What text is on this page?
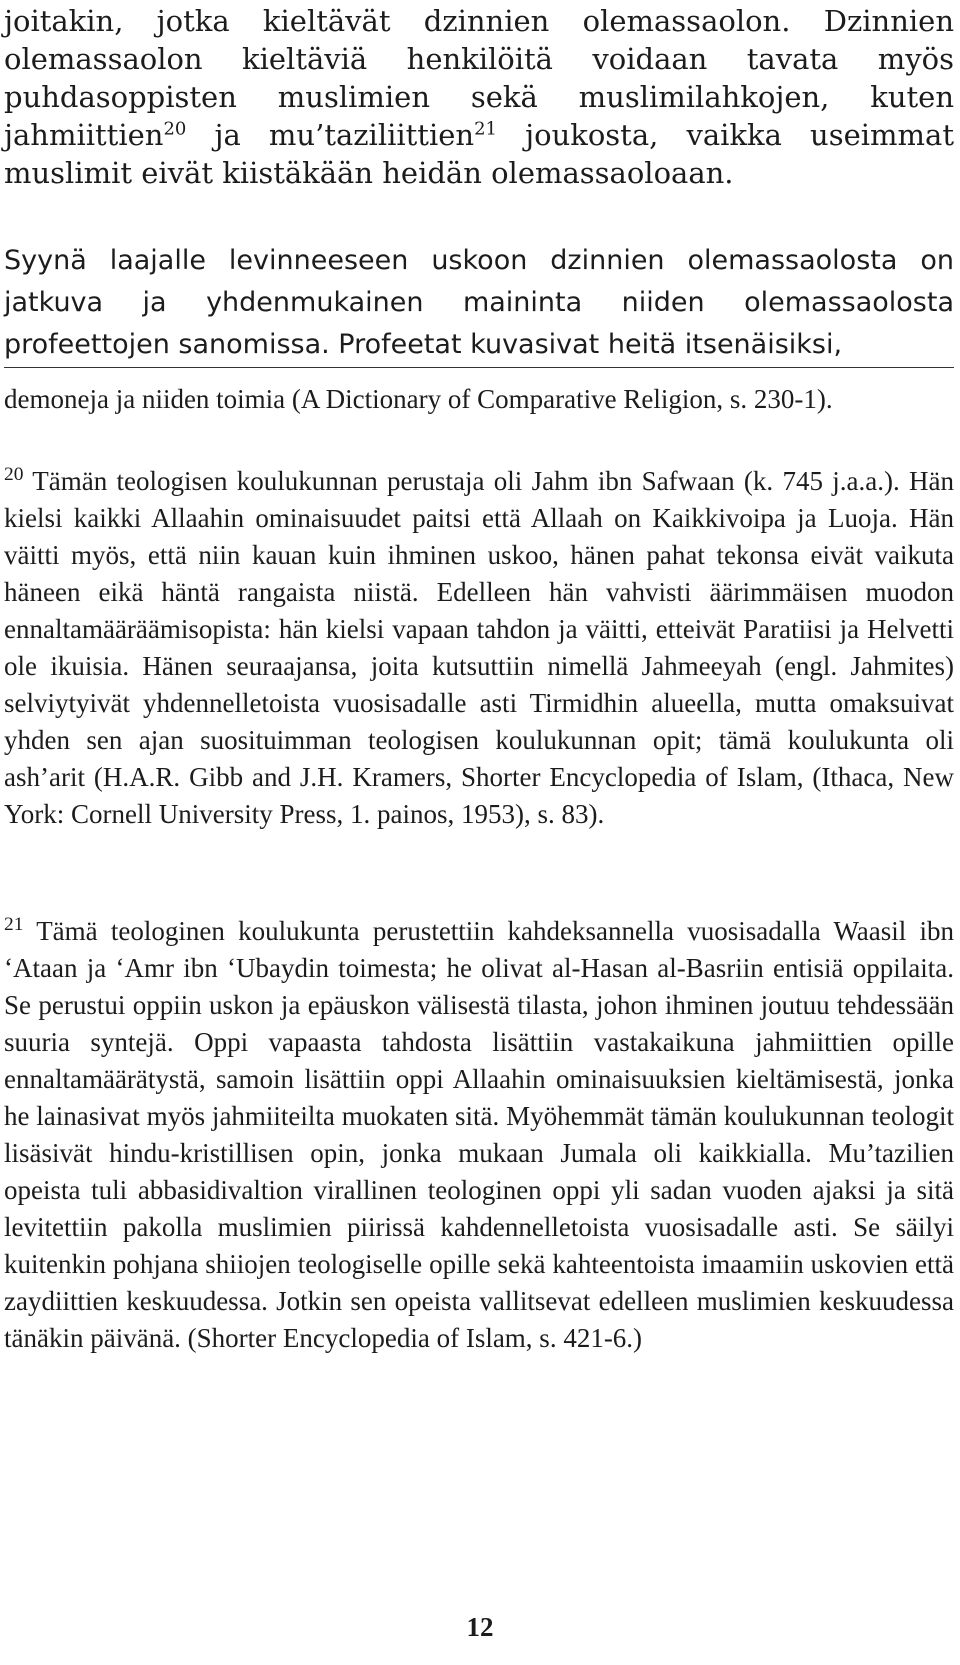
joitakin, jotka kieltävät dzinnien olemassaolon. Dzinnien olemassaolon kieltäviä henkilöitä voidaan tavata myös puhdasoppisten muslimien sekä muslimilahkojen, kuten jahmiittien$^{20}$ ja mu’taziliittien$^{21}$ joukosta, vaikka useimmat muslimit eivät kiistäkään heidän olemassaoloaan.

Syynä laajalle levinneeseen uskoon dzinnien olemassaolosta on jatkuva ja yhdenmukainen maininta niiden olemassaolosta profeettojen sanomissa. Profeetat kuvasivat heitä itsenäisiksi,

demoneja ja niiden toimia (A Dictionary of Comparative Religion, s. 230-1).

$^{20}$ Tämän teologisen koulukunnan perustaja oli Jahm ibn Safwaan (k. 745 j.a.a.). Hän kielsi kaikki Allaahin ominaisuudet paitsi että Allaah on Kaikkivoipa ja Luoja. Hän väitti myös, että niin kauan kuin ihminen uskoo, hänen pahat tekonsa eivät vaikuta häneen eikä häntä rangaista niistä. Edelleen hän vahvisti äärimmäisen muodon ennaltamääräämisopista: hän kielsi vapaan tahdon ja väitti, etteivät Paratiisi ja Helvetti ole ikuisia. Hänen seuraajansa, joita kutsuttiin nimellä Jahmeeyah (engl. Jahmites) selviytyivät yhdennelletoista vuosisadalle asti Tirmidhin alueella, mutta omaksuivat yhden sen ajan suosituimman teologisen koulukunnan opit; tämä koulukunta oli ash’arit (H.A.R. Gibb and J.H. Kramers, Shorter Encyclopedia of Islam, (Ithaca, New York: Cornell University Press, 1. painos, 1953), s. 83).

$^{21}$ Tämä teologinen koulukunta perustettiin kahdeksannella vuosisadalla Waasil ibn ‘Ataan ja ‘Amr ibn ‘Ubaydin toimesta; he olivat al-Hasan al-Basriin entisiä oppilaita. Se perustui oppiin uskon ja epäuskon välisestä tilasta, johon ihminen joutuu tehdessään suuria syntejä. Oppi vapaasta tahdosta lisättiin vastakaikuna jahmiittien opille ennaltamäärätystä, samoin lisättiin oppi Allaahin ominaisuuksien kieltämisestä, jonka he lainasivat myös jahmiiteilta muokaten sitä. Myöhemmät tämän koulukunnan teologit lisäsivät hindu-kristillisen opin, jonka mukaan Jumala oli kaikkialla. Mu’tazilien opeista tuli abbasidivaltion virallinen teologinen oppi yli sadan vuoden ajaksi ja sitä levitettiin pakolla muslimien piirissä kahdennelletoista vuosisadalle asti. Se säilyi kuitenkin pohjana shiiojen teologiselle opille sekä kahteentoista imaamiin uskovien että zaydiittien keskuudessa. Jotkin sen opeista vallitsevat edelleen muslimien keskuudessa tänäkin päivänä. (Shorter Encyclopedia of Islam, s. 421-6.)

12
